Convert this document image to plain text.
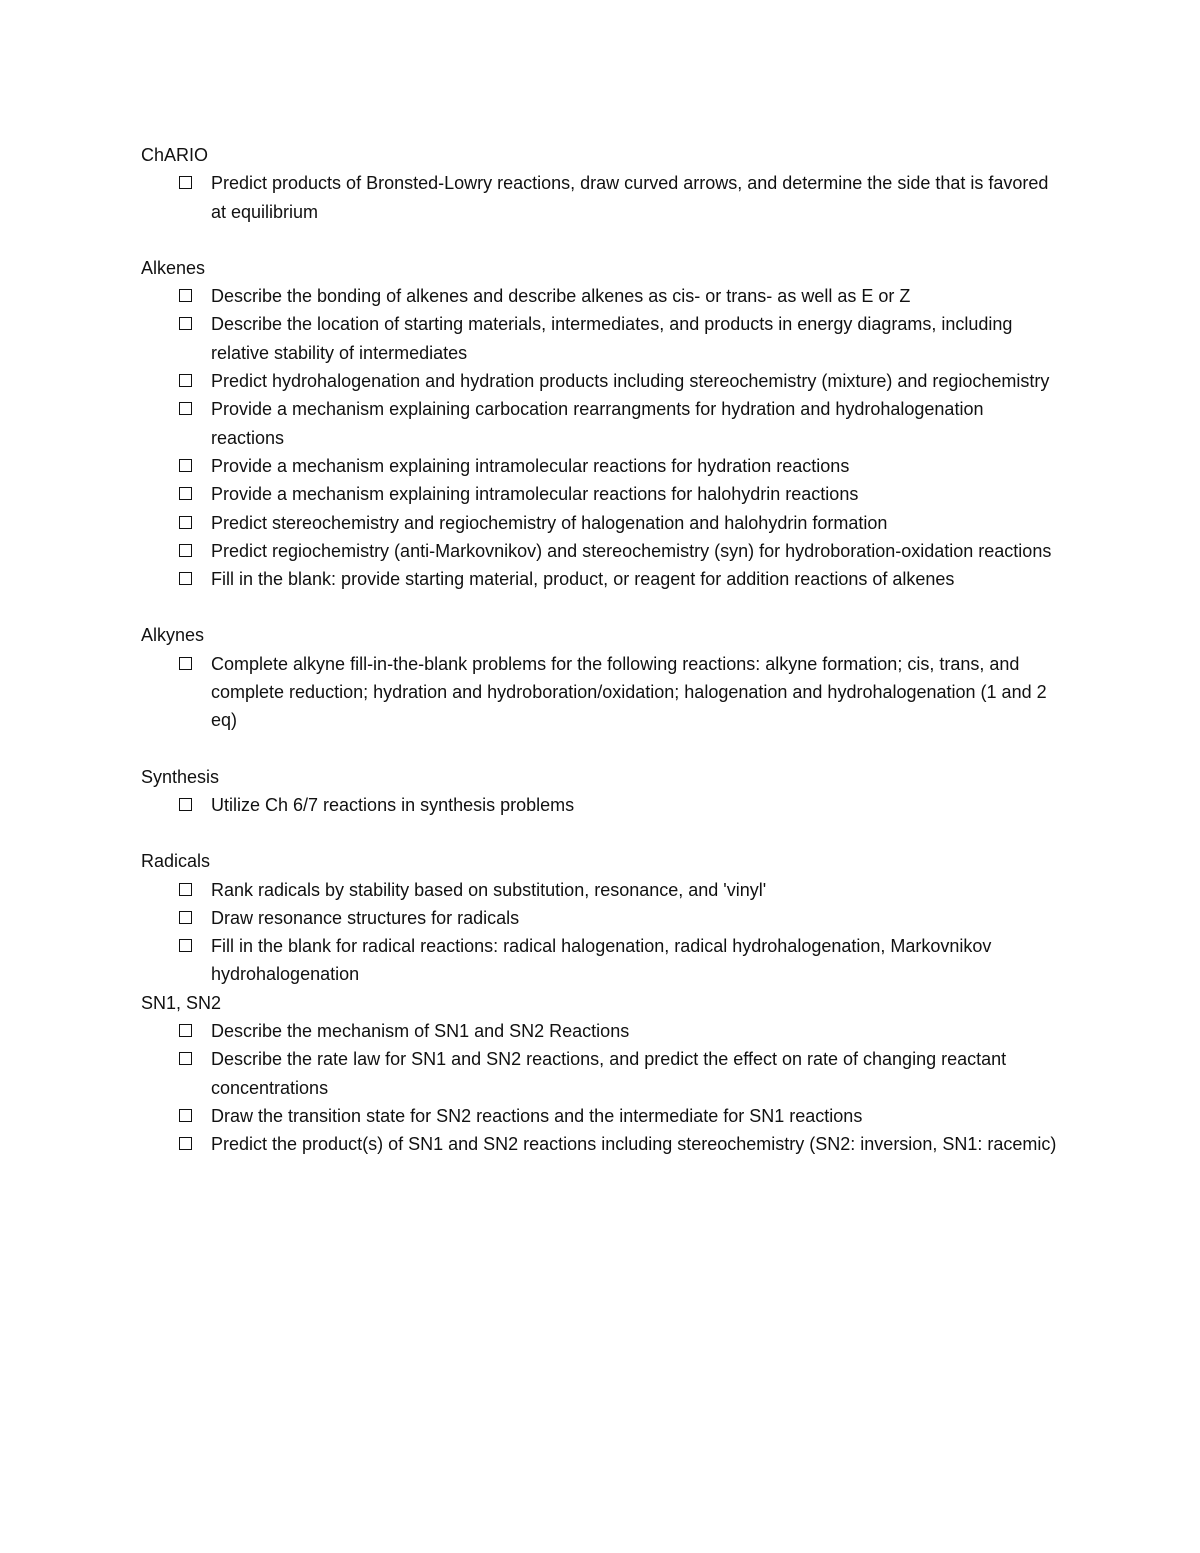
ChARIO
Predict products of Bronsted-Lowry reactions, draw curved arrows, and determine the side that is favored at equilibrium
Alkenes
Describe the bonding of alkenes and describe alkenes as cis- or trans- as well as E or Z
Describe the location of starting materials, intermediates, and products in energy diagrams, including relative stability of intermediates
Predict hydrohalogenation and hydration products including stereochemistry (mixture) and regiochemistry
Provide a mechanism explaining carbocation rearrangments for hydration and hydrohalogenation reactions
Provide a mechanism explaining intramolecular reactions for hydration reactions
Provide a mechanism explaining intramolecular reactions for halohydrin reactions
Predict stereochemistry and regiochemistry of halogenation and halohydrin formation
Predict regiochemistry (anti-Markovnikov) and stereochemistry (syn) for hydroboration-oxidation reactions
Fill in the blank: provide starting material, product, or reagent for addition reactions of alkenes
Alkynes
Complete alkyne fill-in-the-blank problems for the following reactions: alkyne formation; cis, trans, and complete reduction; hydration and hydroboration/oxidation; halogenation and hydrohalogenation (1 and 2 eq)
Synthesis
Utilize Ch 6/7 reactions in synthesis problems
Radicals
Rank radicals by stability based on substitution, resonance, and 'vinyl'
Draw resonance structures for radicals
Fill in the blank for radical reactions: radical halogenation, radical hydrohalogenation, Markovnikov hydrohalogenation
SN1, SN2
Describe the mechanism of SN1 and SN2 Reactions
Describe the rate law for SN1 and SN2 reactions, and predict the effect on rate of changing reactant concentrations
Draw the transition state for SN2 reactions and the intermediate for SN1 reactions
Predict the product(s) of SN1 and SN2 reactions including stereochemistry (SN2: inversion, SN1: racemic)
